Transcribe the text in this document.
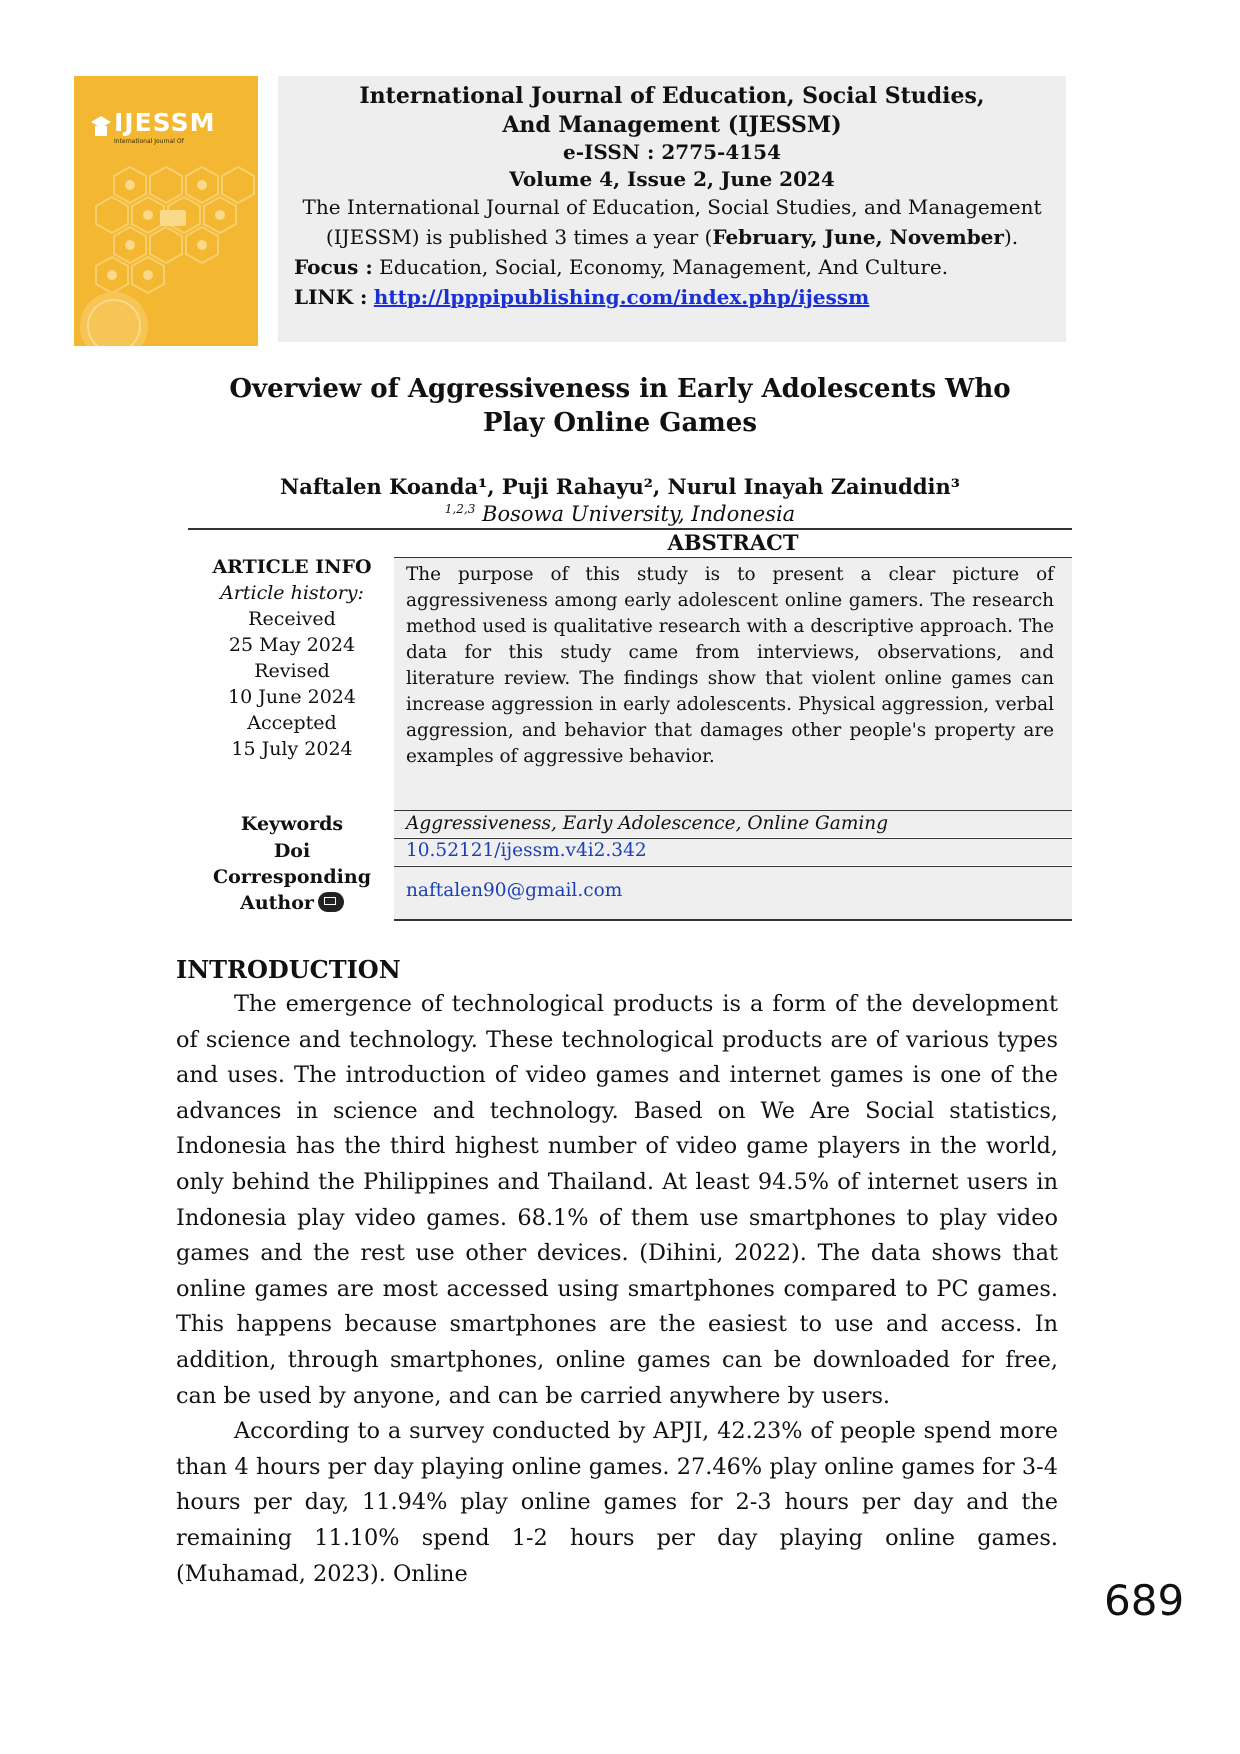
IJESSM
International Journal Of
International Journal of Education, Social Studies,
And Management (IJESSM)
e-ISSN : 2775-4154
Volume 4, Issue 2, June 2024
The International Journal of Education, Social Studies, and Management
(IJESSM) is published 3 times a year (February, June, November).
Focus : Education, Social, Economy, Management, And Culture.
LINK : http://lpppipublishing.com/index.php/ijessm
Overview of Aggressiveness in Early Adolescents Who
Play Online Games
Naftalen Koanda¹, Puji Rahayu², Nurul Inayah Zainuddin³
$^{1,2,3}$ Bosowa University, Indonesia
ABSTRACT
ARTICLE INFO
Article history:
Received
25 May 2024
Revised
10 June 2024
Accepted
15 July 2024
The purpose of this study is to present a clear picture of aggressiveness among early adolescent online gamers. The research method used is qualitative research with a descriptive approach. The data for this study came from interviews, observations, and literature review. The findings show that violent online games can increase aggression in early adolescents. Physical aggression, verbal aggression, and behavior that damages other people's property are examples of aggressive behavior.
Keywords	Aggressiveness, Early Adolescence, Online Gaming
Doi	10.52121/ijessm.v4i2.342
Corresponding
Author
naftalen90@gmail.com
INTRODUCTION

The emergence of technological products is a form of the development of science and technology. These technological products are of various types and uses. The introduction of video games and internet games is one of the advances in science and technology. Based on We Are Social statistics, Indonesia has the third highest number of video game players in the world, only behind the Philippines and Thailand. At least 94.5% of internet users in Indonesia play video games. 68.1% of them use smartphones to play video games and the rest use other devices. (Dihini, 2022). The data shows that online games are most accessed using smartphones compared to PC games. This happens because smartphones are the easiest to use and access. In addition, through smartphones, online games can be downloaded for free, can be used by anyone, and can be carried anywhere by users.

According to a survey conducted by APJI, 42.23% of people spend more than 4 hours per day playing online games. 27.46% play online games for 3-4 hours per day, 11.94% play online games for 2-3 hours per day and the remaining 11.10% spend 1-2 hours per day playing online games. (Muhamad, 2023). Online

689
